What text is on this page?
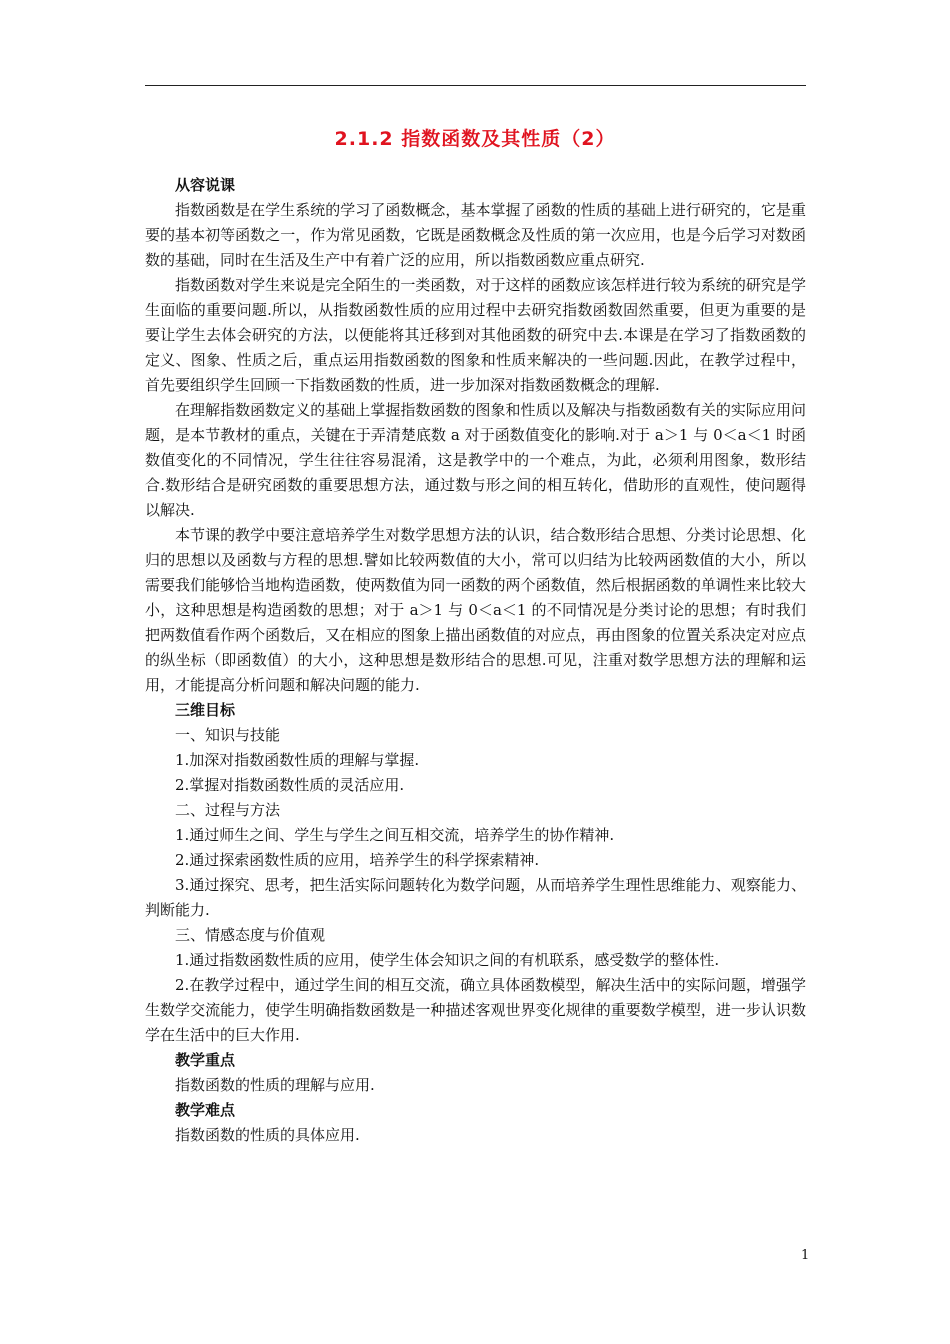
2.1.2 指数函数及其性质（2）

从容说课

指数函数是在学生系统的学习了函数概念，基本掌握了函数的性质的基础上进行研究的，它是重要的基本初等函数之一，作为常见函数，它既是函数概念及性质的第一次应用，也是今后学习对数函数的基础，同时在生活及生产中有着广泛的应用，所以指数函数应重点研究.

指数函数对学生来说是完全陌生的一类函数，对于这样的函数应该怎样进行较为系统的研究是学生面临的重要问题.所以，从指数函数性质的应用过程中去研究指数函数固然重要，但更为重要的是要让学生去体会研究的方法，以便能将其迁移到对其他函数的研究中去.本课是在学习了指数函数的定义、图象、性质之后，重点运用指数函数的图象和性质来解决的一些问题.因此，在教学过程中，首先要组织学生回顾一下指数函数的性质，进一步加深对指数函数概念的理解.

在理解指数函数定义的基础上掌握指数函数的图象和性质以及解决与指数函数有关的实际应用问题，是本节教材的重点，关键在于弄清楚底数 a 对于函数值变化的影响.对于 a＞1 与 0＜a＜1 时函数值变化的不同情况，学生往往容易混淆，这是教学中的一个难点，为此，必须利用图象，数形结合.数形结合是研究函数的重要思想方法，通过数与形之间的相互转化，借助形的直观性，使问题得以解决.

本节课的教学中要注意培养学生对数学思想方法的认识，结合数形结合思想、分类讨论思想、化归的思想以及函数与方程的思想.譬如比较两数值的大小，常可以归结为比较两函数值的大小，所以需要我们能够恰当地构造函数，使两数值为同一函数的两个函数值，然后根据函数的单调性来比较大小，这种思想是构造函数的思想；对于 a＞1 与 0＜a＜1 的不同情况是分类讨论的思想；有时我们把两数值看作两个函数后，又在相应的图象上描出函数值的对应点，再由图象的位置关系决定对应点的纵坐标（即函数值）的大小，这种思想是数形结合的思想.可见，注重对数学思想方法的理解和运用，才能提高分析问题和解决问题的能力.

三维目标

一、知识与技能

1.加深对指数函数性质的理解与掌握.

2.掌握对指数函数性质的灵活应用.

二、过程与方法

1.通过师生之间、学生与学生之间互相交流，培养学生的协作精神.

2.通过探索函数性质的应用，培养学生的科学探索精神.

3.通过探究、思考，把生活实际问题转化为数学问题，从而培养学生理性思维能力、观察能力、判断能力.

三、情感态度与价值观

1.通过指数函数性质的应用，使学生体会知识之间的有机联系，感受数学的整体性.

2.在教学过程中，通过学生间的相互交流，确立具体函数模型，解决生活中的实际问题，增强学生数学交流能力，使学生明确指数函数是一种描述客观世界变化规律的重要数学模型，进一步认识数学在生活中的巨大作用.

教学重点

指数函数的性质的理解与应用.

教学难点

指数函数的性质的具体应用.

1
